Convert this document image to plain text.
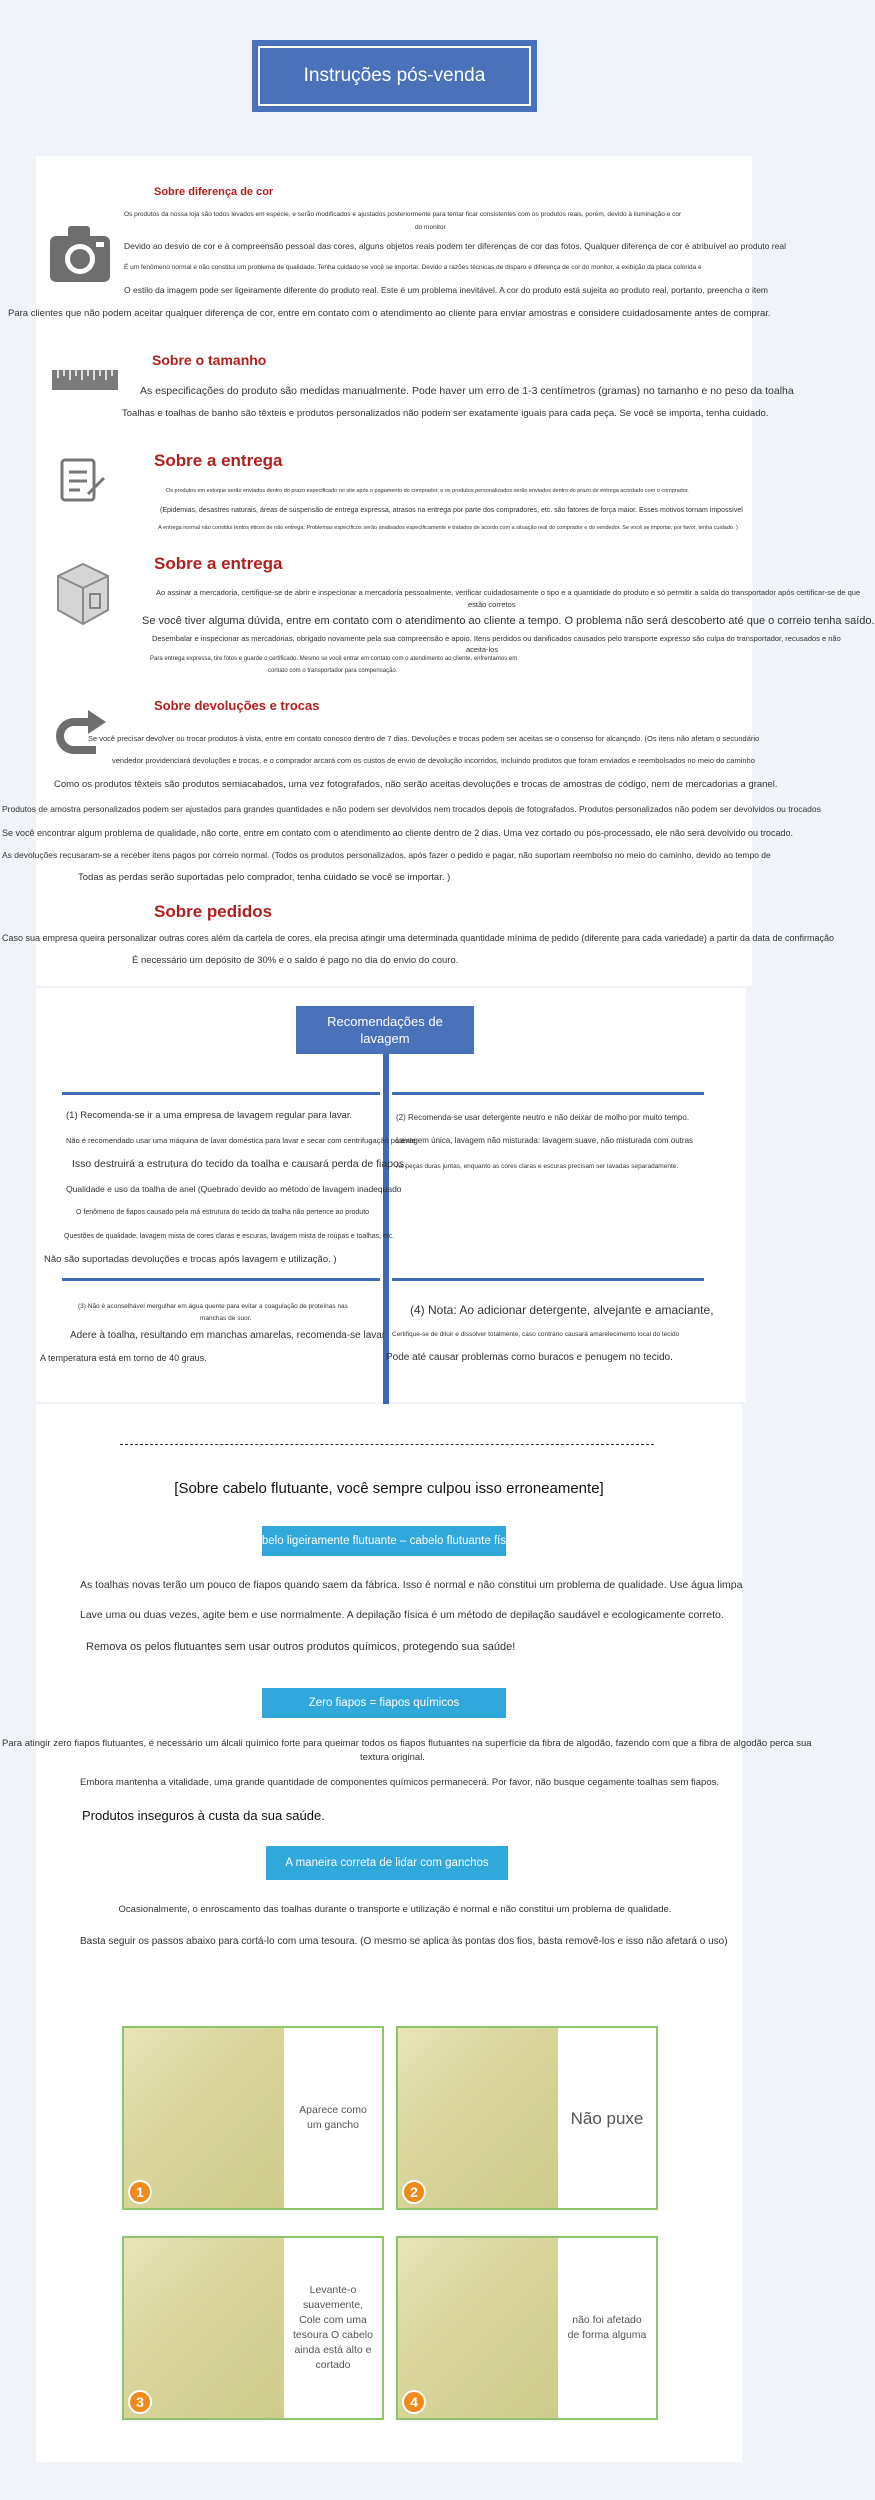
Instruções pós-venda
Sobre diferença de cor
Os produtos da nossa loja são todos levados em espécie, e serão modificados e ajustados posteriormente para tentar ficar consistentes com os produtos reais, porém, devido à iluminação e cor
do monitor
Devido ao desvio de cor e à compreensão pessoal das cores, alguns objetos reais podem ter diferenças de cor das fotos. Qualquer diferença de cor é atribuível ao produto real
É um fenômeno normal e não constitui um problema de qualidade. Tenha cuidado se você se importar. Devido a razões técnicas de disparo e diferença de cor do monitor, a exibição da placa colorida e
O estilo da imagem pode ser ligeiramente diferente do produto real. Este é um problema inevitável. A cor do produto está sujeita ao produto real, portanto, preencha o item
Para clientes que não podem aceitar qualquer diferença de cor, entre em contato com o atendimento ao cliente para enviar amostras e considere cuidadosamente antes de comprar.
Sobre o tamanho
As especificações do produto são medidas manualmente. Pode haver um erro de 1-3 centímetros (gramas) no tamanho e no peso da toalha
Toalhas e toalhas de banho são têxteis e produtos personalizados não podem ser exatamente iguais para cada peça. Se você se importa, tenha cuidado.
Sobre a entrega
Os produtos em estoque serão enviados dentro do prazo especificado no site após o pagamento do comprador, e os produtos personalizados serão enviados dentro do prazo de entrega acordado com o comprador.
(Epidemias, desastres naturais, áreas de suspensão de entrega expressa, atrasos na entrega por parte dos compradores, etc. são fatores de força maior. Esses motivos tornam impossível
A entrega normal não constitui tentos éticos de não entrega. Problemas específicos serão analisados especificamente e tratados de acordo com a situação real do comprador e do vendedor. Se você se importar, por favor, tenha cuidado. )
Sobre a entrega
Ao assinar a mercadoria, certifique-se de abrir e inspecionar a mercadoria pessoalmente, verificar cuidadosamente o tipo e a quantidade do produto e só permitir a saída do transportador após certificar-se de que
estão corretos
Se você tiver alguma dúvida, entre em contato com o atendimento ao cliente a tempo. O problema não será descoberto até que o correio tenha saído.
Desembalar e inspecionar as mercadorias, obrigado novamente pela sua compreensão e apoio. Itens perdidos ou danificados causados pelo transporte expresso são culpa do transportador, recusados e não
aceita-los
Para entrega expressa, tire fotos e guarde o certificado. Mesmo se você entrar em contato com o atendimento ao cliente, enfrentamos em
contato com o transportador para compensação.
Sobre devoluções e trocas
Se você precisar devolver ou trocar produtos à vista, entre em contato conosco dentro de 7 dias. Devoluções e trocas podem ser aceitas se o consenso for alcançado. (Os itens não afetam o secundário
vendedor providenciará devoluções e trocas, e o comprador arcará com os custos de envio de devolução incorridos, incluindo produtos que foram enviados e reembolsados no meio do caminho
Como os produtos têxteis são produtos semiacabados, uma vez fotografados, não serão aceitas devoluções e trocas de amostras de código, nem de mercadorias a granel.
Produtos de amostra personalizados podem ser ajustados para grandes quantidades e não podem ser devolvidos nem trocados depois de fotografados. Produtos personalizados não podem ser devolvidos ou trocados
Se você encontrar algum problema de qualidade, não corte, entre em contato com o atendimento ao cliente dentro de 2 dias. Uma vez cortado ou pós-processado, ele não será devolvido ou trocado.
As devoluções recusaram-se a receber itens pagos por correio normal. (Todos os produtos personalizados, após fazer o pedido e pagar, não suportam reembolso no meio do caminho, devido ao tempo de
Todas as perdas serão suportadas pelo comprador, tenha cuidado se você se importar. )
Sobre pedidos
Caso sua empresa queira personalizar outras cores além da cartela de cores, ela precisa atingir uma determinada quantidade mínima de pedido (diferente para cada variedade) a partir da data de confirmação
É necessário um depósito de 30% e o saldo é pago no dia do envio do couro.
Recomendações de
lavagem
(1) Recomenda-se ir a uma empresa de lavagem regular para lavar.
Não é recomendado usar uma máquina de lavar doméstica para lavar e secar com centrifugação potente
Isso destruirá a estrutura do tecido da toalha e causará perda de fiapos.
Qualidade e uso da toalha de anel (Quebrado devido ao método de lavagem inadequado
O fenômeno de fiapos causado pela má estrutura do tecido da toalha não pertence ao produto
Questões de qualidade, lavagem mista de cores claras e escuras, lavagem mista de roupas e toalhas, etc.
Não são suportadas devoluções e trocas após lavagem e utilização. )
(2) Recomenda-se usar detergente neutro e não deixar de molho por muito tempo.
Lavagem única, lavagem não misturada: lavagem suave, não misturada com outras
As peças duras juntas, enquanto as cores claras e escuras precisam ser lavadas separadamente.
(3) Não é aconselhável mergulhar em água quente para evitar a coagulação de proteínas nas
manchas de suor.
Adere à toalha, resultando em manchas amarelas, recomenda-se lavar
A temperatura está em torno de 40 graus.
(4) Nota: Ao adicionar detergente, alvejante e amaciante,
Certifique-se de diluir e dissolver totalmente, caso contrário causará amarelecimento local do tecido
Pode até causar problemas como buracos e penugem no tecido.
[Sobre cabelo flutuante, você sempre culpou isso erroneamente]
Cabelo ligeiramente flutuante – cabelo flutuante físico
As toalhas novas terão um pouco de fiapos quando saem da fábrica. Isso é normal e não constitui um problema de qualidade. Use água limpa
Lave uma ou duas vezes, agite bem e use normalmente. A depilação física é um método de depilação saudável e ecologicamente correto.
Remova os pelos flutuantes sem usar outros produtos químicos, protegendo sua saúde!
Zero fiapos = fiapos químicos
Para atingir zero fiapos flutuantes, é necessário um álcali químico forte para queimar todos os fiapos flutuantes na superfície da fibra de algodão, fazendo com que a fibra de algodão perca sua
textura original.
Embora mantenha a vitalidade, uma grande quantidade de componentes químicos permanecerá. Por favor, não busque cegamente toalhas sem fiapos.
Produtos inseguros à custa da sua saúde.
A maneira correta de lidar com ganchos
Ocasionalmente, o enroscamento das toalhas durante o transporte e utilização é normal e não constitui um problema de qualidade.
Basta seguir os passos abaixo para cortá-lo com uma tesoura. (O mesmo se aplica às pontas dos fios, basta removê-los e isso não afetará o uso)
Aparece como um gancho
1
Não puxe
2
Levante-o suavemente, Cole com uma tesoura O cabelo ainda está alto e cortado
3
não foi afetado de forma alguma
4
